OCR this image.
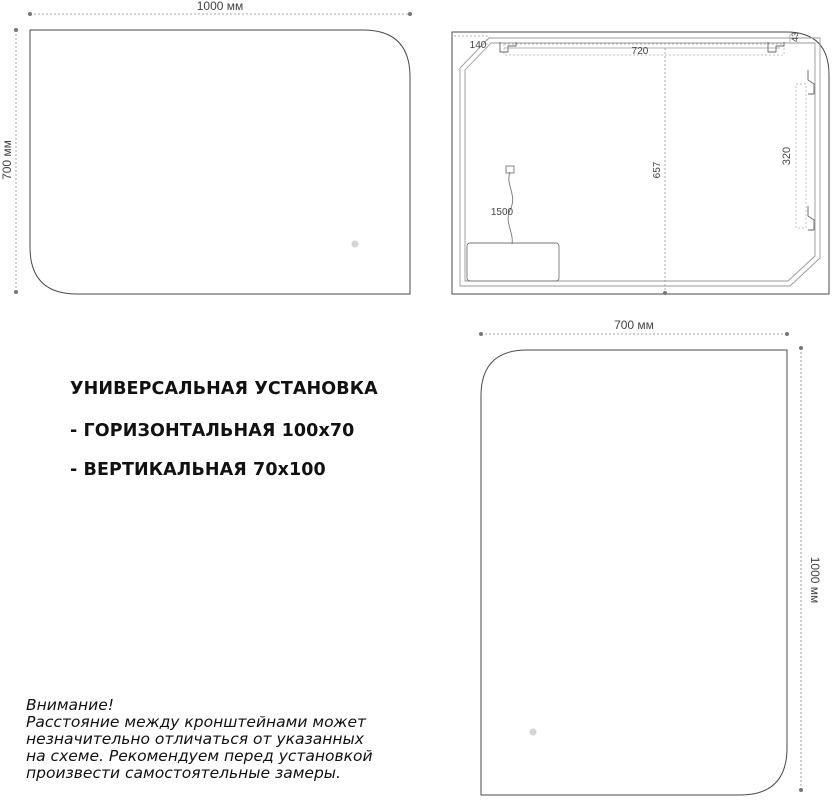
1000 мм
700 мм
720
140
43
657
320
1500
700 мм
1000 мм
УНИВЕРСАЛЬНАЯ УСТАНОВКА
- ГОРИЗОНТАЛЬНАЯ 100х70
- ВЕРТИКАЛЬНАЯ 70х100
Внимание!
Расстояние между кронштейнами может
незначительно отличаться от указанных
на схеме. Рекомендуем перед установкой
произвести самостоятельные замеры.
